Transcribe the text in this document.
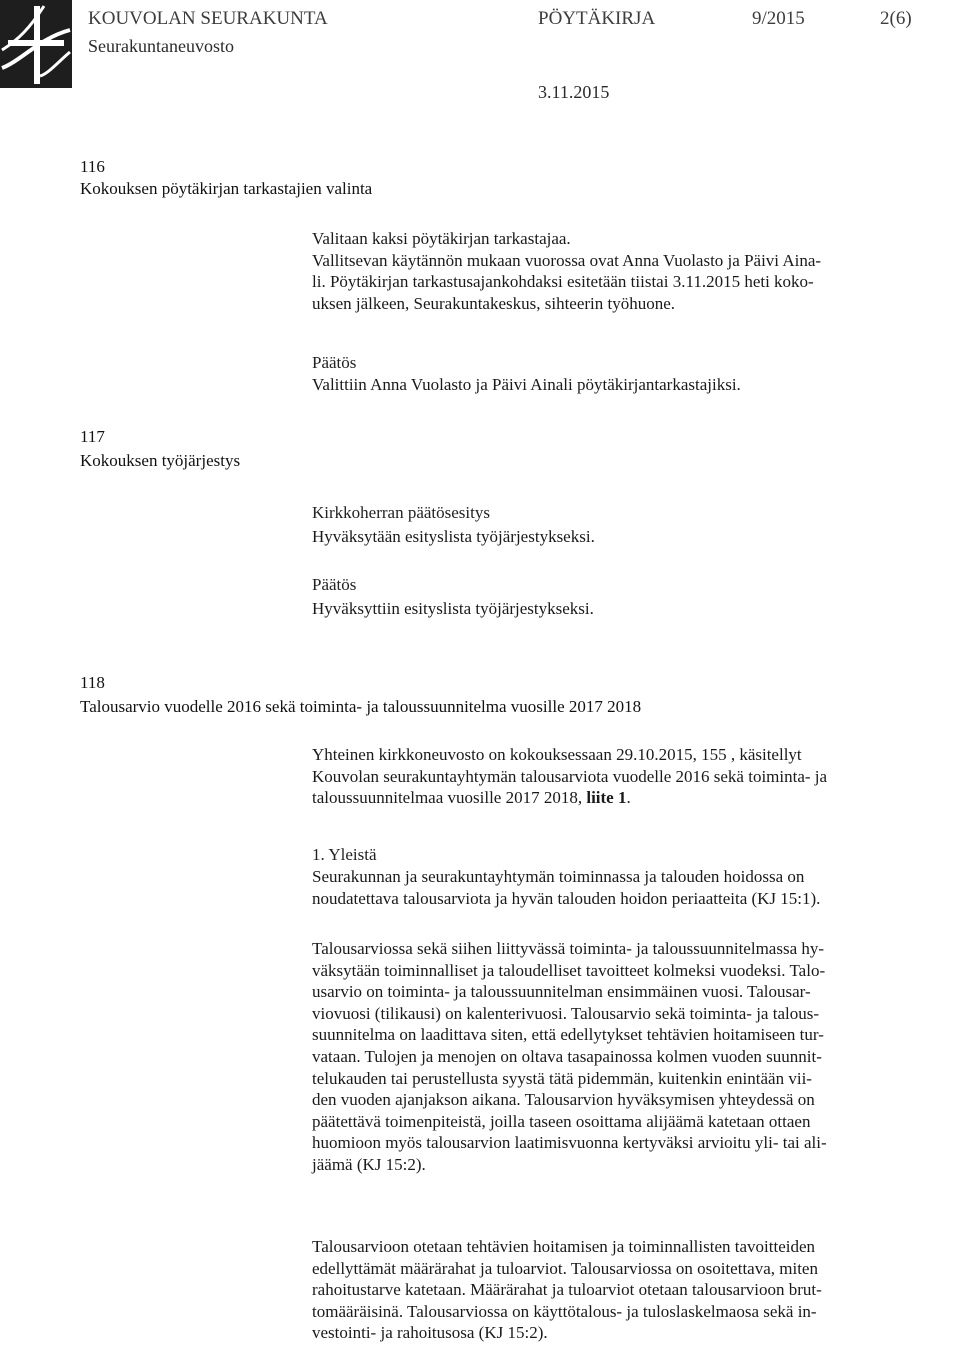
KOUVOLAN SEURAKUNTA
Seurakuntaneuvosto
PÖYTÄKIRJA	9/2015	2(6)
3.11.2015
116
Kokouksen pöytäkirjan tarkastajien valinta
Valitaan kaksi pöytäkirjan tarkastajaa.
Vallitsevan käytännön mukaan vuorossa ovat Anna Vuolasto ja Päivi Aina-
li. Pöytäkirjan tarkastusajankohdaksi esitetään tiistai 3.11.2015 heti koko-
uksen jälkeen, Seurakuntakeskus, sihteerin työhuone.
Päätös
Valittiin Anna Vuolasto ja Päivi Ainali pöytäkirjantarkastajiksi.
117
Kokouksen työjärjestys
Kirkkoherran päätösesitys
Hyväksytään esityslista työjärjestykseksi.
Päätös
Hyväksyttiin esityslista työjärjestykseksi.
118
Talousarvio vuodelle 2016 sekä toiminta- ja taloussuunnitelma vuosille 2017 2018
Yhteinen kirkkoneuvosto on kokouksessaan 29.10.2015, 155 , käsitellyt
Kouvolan seurakuntayhtymän talousarviota vuodelle 2016 sekä toiminta- ja
taloussuunnitelmaa vuosille 2017 2018, liite 1.
1. Yleistä
Seurakunnan ja seurakuntayhtymän toiminnassa ja talouden hoidossa on
noudatettava talousarviota ja hyvän talouden hoidon periaatteita (KJ 15:1).
Talousarviossa sekä siihen liittyvässä toiminta- ja taloussuunnitelmassa hy-
väksytään toiminnalliset ja taloudelliset tavoitteet kolmeksi vuodeksi. Talo-
usarvio on toiminta- ja taloussuunnitelman ensimmäinen vuosi. Talousar-
viovuosi (tilikausi) on kalenterivuosi. Talousarvio sekä toiminta- ja talous-
suunnitelma on laadittava siten, että edellytykset tehtävien hoitamiseen tur-
vataan. Tulojen ja menojen on oltava tasapainossa kolmen vuoden suunnit-
telukauden tai perustellusta syystä tätä pidemmän, kuitenkin enintään vii-
den vuoden ajanjakson aikana. Talousarvion hyväksymisen yhteydessä on
päätettävä toimenpiteistä, joilla taseen osoittama alijäämä katetaan ottaen
huomioon myös talousarvion laatimisvuonna kertyväksi arvioitu yli- tai ali-
jäämä (KJ 15:2).
Talousarvioon otetaan tehtävien hoitamisen ja toiminnallisten tavoitteiden
edellyttämät määrärahat ja tuloarviot. Talousarviossa on osoitettava, miten
rahoitustarve katetaan. Määrärahat ja tuloarviot otetaan talousarvioon brut-
tomääräisinä. Talousarviossa on käyttötalous- ja tuloslaskelmaosa sekä in-
vestointi- ja rahoitusosa (KJ 15:2).
